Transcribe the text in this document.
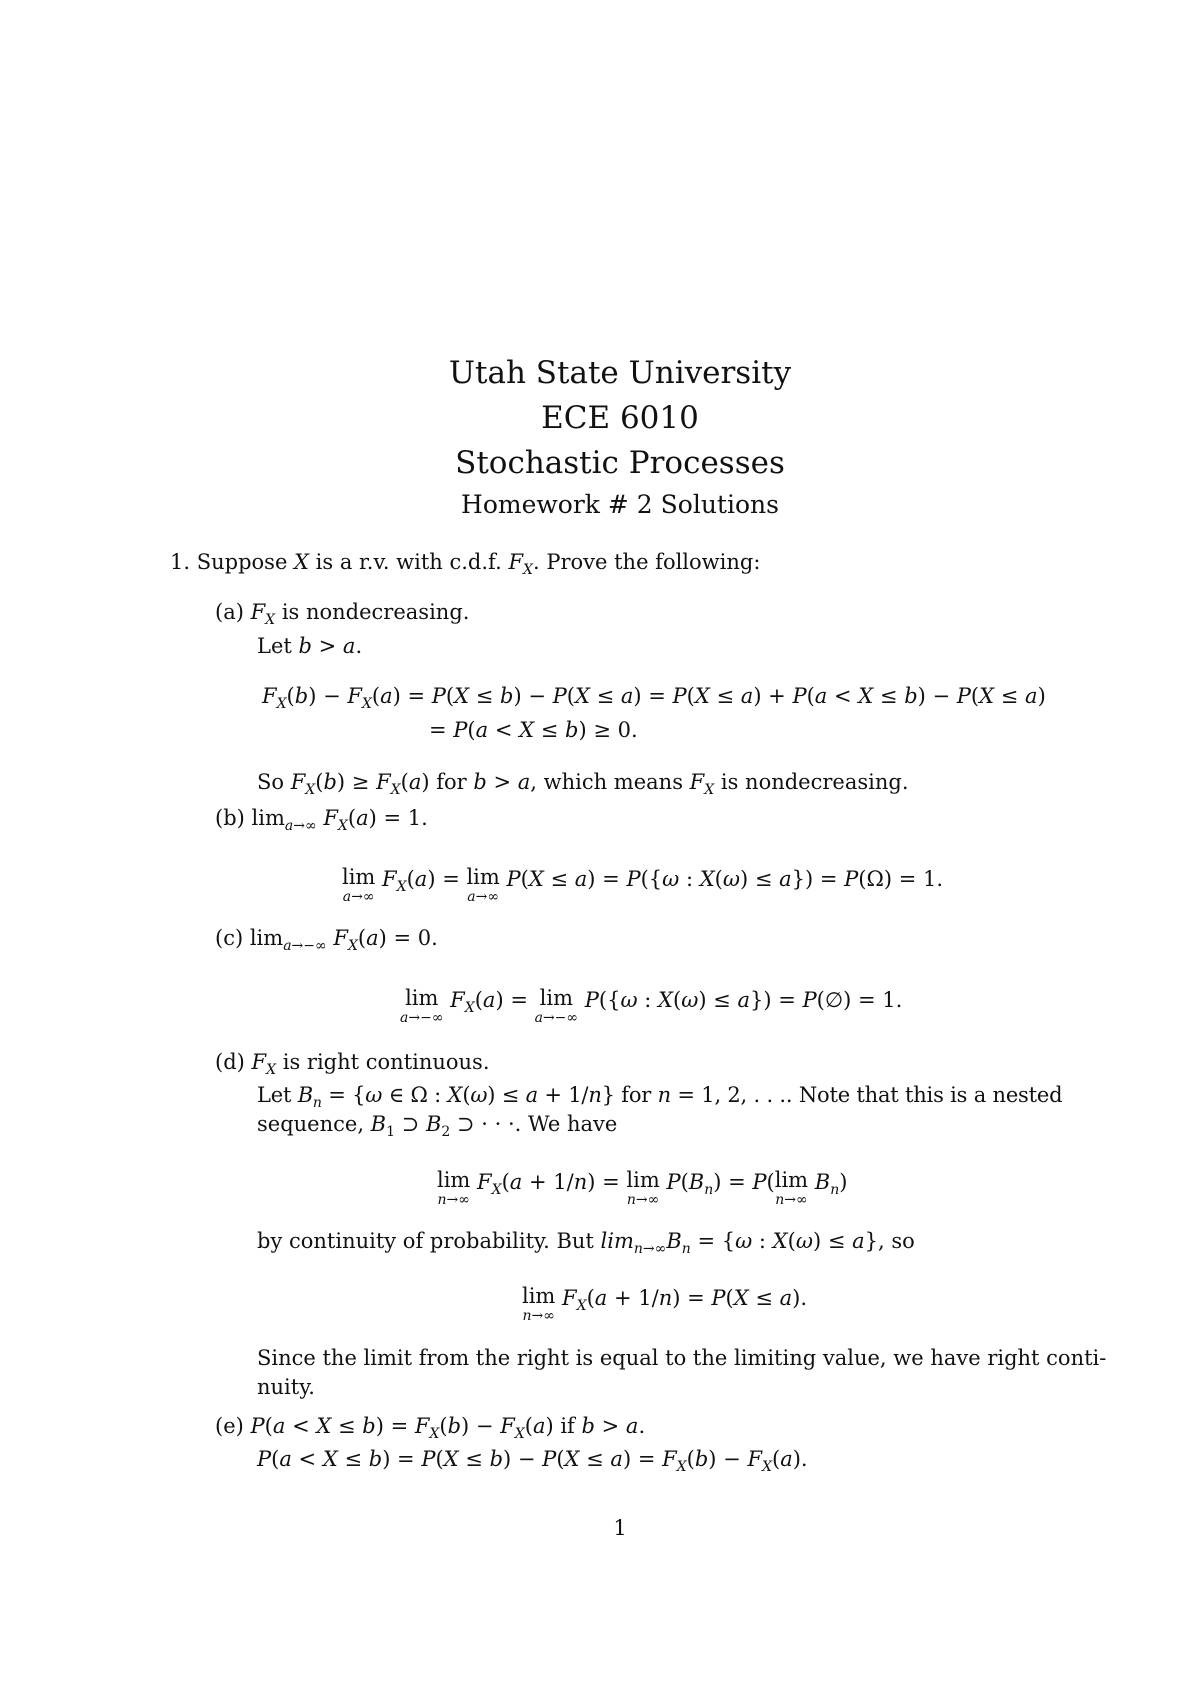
Utah State University
ECE 6010
Stochastic Processes
Homework # 2 Solutions
1. Suppose X is a r.v. with c.d.f. $F_X$. Prove the following:
(a) $F_X$ is nondecreasing.
Let b > a.
$F_X(b) - F_X(a) = P(X \le b) - P(X \le a) = P(X \le a) + P(a < X \le b) - P(X \le a)$
= P(a < X ≤ b) ≥ 0.
So $F_X(b) \ge F_X(a)$ for b > a, which means $F_X$ is nondecreasing.
(b) $\lim_{a\to\infty} F_X(a) = 1$.
lim
a→∞
$F_X(a) = \lim$
a→∞
P(X ≤ a) = P({ω : X(ω) ≤ a}) = P(Ω) = 1.
(c) $\lim_{a\to-\infty} F_X(a) = 0$.
lim
a→−∞
$F_X(a) = \lim$
a→−∞
P({ω : X(ω) ≤ a}) = P(∅) = 1.
(d) $F_X$ is right continuous.
Let $B_n = \{\omega$ ∈ Ω : X(ω) ≤ a + 1/n} for n = 1, 2, . . .. Note that this is a nested
sequence, $B_1$ ⊃ $B_2$ ⊃ · · ·. We have
lim
n→∞
$F_X(a + 1/n) = \lim$
n→∞
$P(B_n) = P(\lim$
n→∞
$B_n$)
by continuity of probability. But $\lim_{n\to\infty}B_n = \{\omega$ : X(ω) ≤ a}, so
lim
n→∞
$F_X(a + 1/n) = P(X \le a)$.
Since the limit from the right is equal to the limiting value, we have right conti-
nuity.
(e) $P(a < X \le b) = F_X(b) - F_X(a)$ if b > a.
$P(a < X \le b) = P(X \le b) - P(X \le a) = F_X(b) - F_X(a)$.
1
